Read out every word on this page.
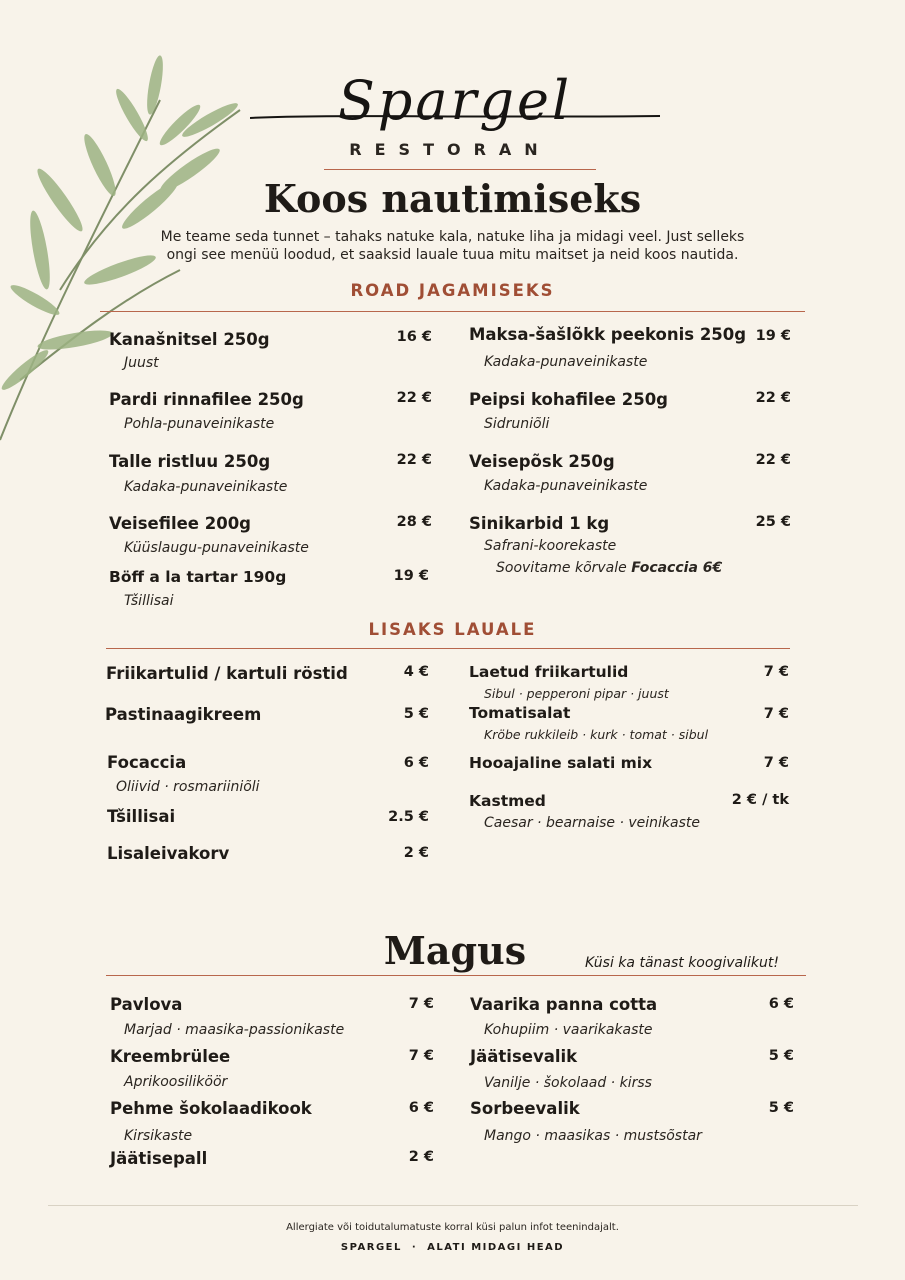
Spargel
RESTORAN
Koos nautimiseks
Me teame seda tunnet – tahaks natuke kala, natuke liha ja midagi veel. Just selleks
ongi see menüü loodud, et saaksid lauale tuua mitu maitset ja neid koos nautida.
ROAD JAGAMISEKS
Kanašnitsel 250g	16 €
Juust
Pardi rinnafilee 250g	22 €
Pohla-punaveinikaste
Talle ristluu 250g	22 €
Kadaka-punaveinikaste
Veisefilee 200g	28 €
Küüslaugu-punaveinikaste
Böff a la tartar 190g	19 €
Tšillisai
Maksa-šašlõkk peekonis 250g 19 €
Kadaka-punaveinikaste
Peipsi kohafilee 250g	22 €
Sidruniõli
Veisepõsk 250g	22 €
Kadaka-punaveinikaste
Sinikarbid 1 kg	25 €
Safrani-koorekaste
Soovitame kõrvale Focaccia 6€
LISAKS LAUALE
Friikartulid / kartuli röstid	4 €
Pastinaagikreem	5 €
Focaccia	6 €
Oliivid · rosmariiniõli
Tšillisai	2.5 €
Lisaleivakorv	2 €
Laetud friikartulid	7 €
Sibul · pepperoni pipar · juust
Tomatisalat	7 €
Kröbe rukkileib · kurk · tomat · sibul
Hooajaline salati mix	7 €
Kastmed	2 € / tk
Caesar · bearnaise · veinikaste
Magus	Küsi ka tänast koogivalikut!
Pavlova	7 €
Marjad · maasika-passionikaste
Kreembrülee	7 €
Aprikoosiliköör
Pehme šokolaadikook	6 €
Kirsikaste
Jäätisepall	2 €
Vaarika panna cotta	6 €
Kohupiim · vaarikakaste
Jäätisevalik	5 €
Vanilje · šokolaad · kirss
Sorbeevalik	5 €
Mango · maasikas · mustsõstar
Allergiate või toidutalumatuste korral küsi palun infot teenindajalt.
SPARGEL  ·  ALATI MIDAGI HEAD
